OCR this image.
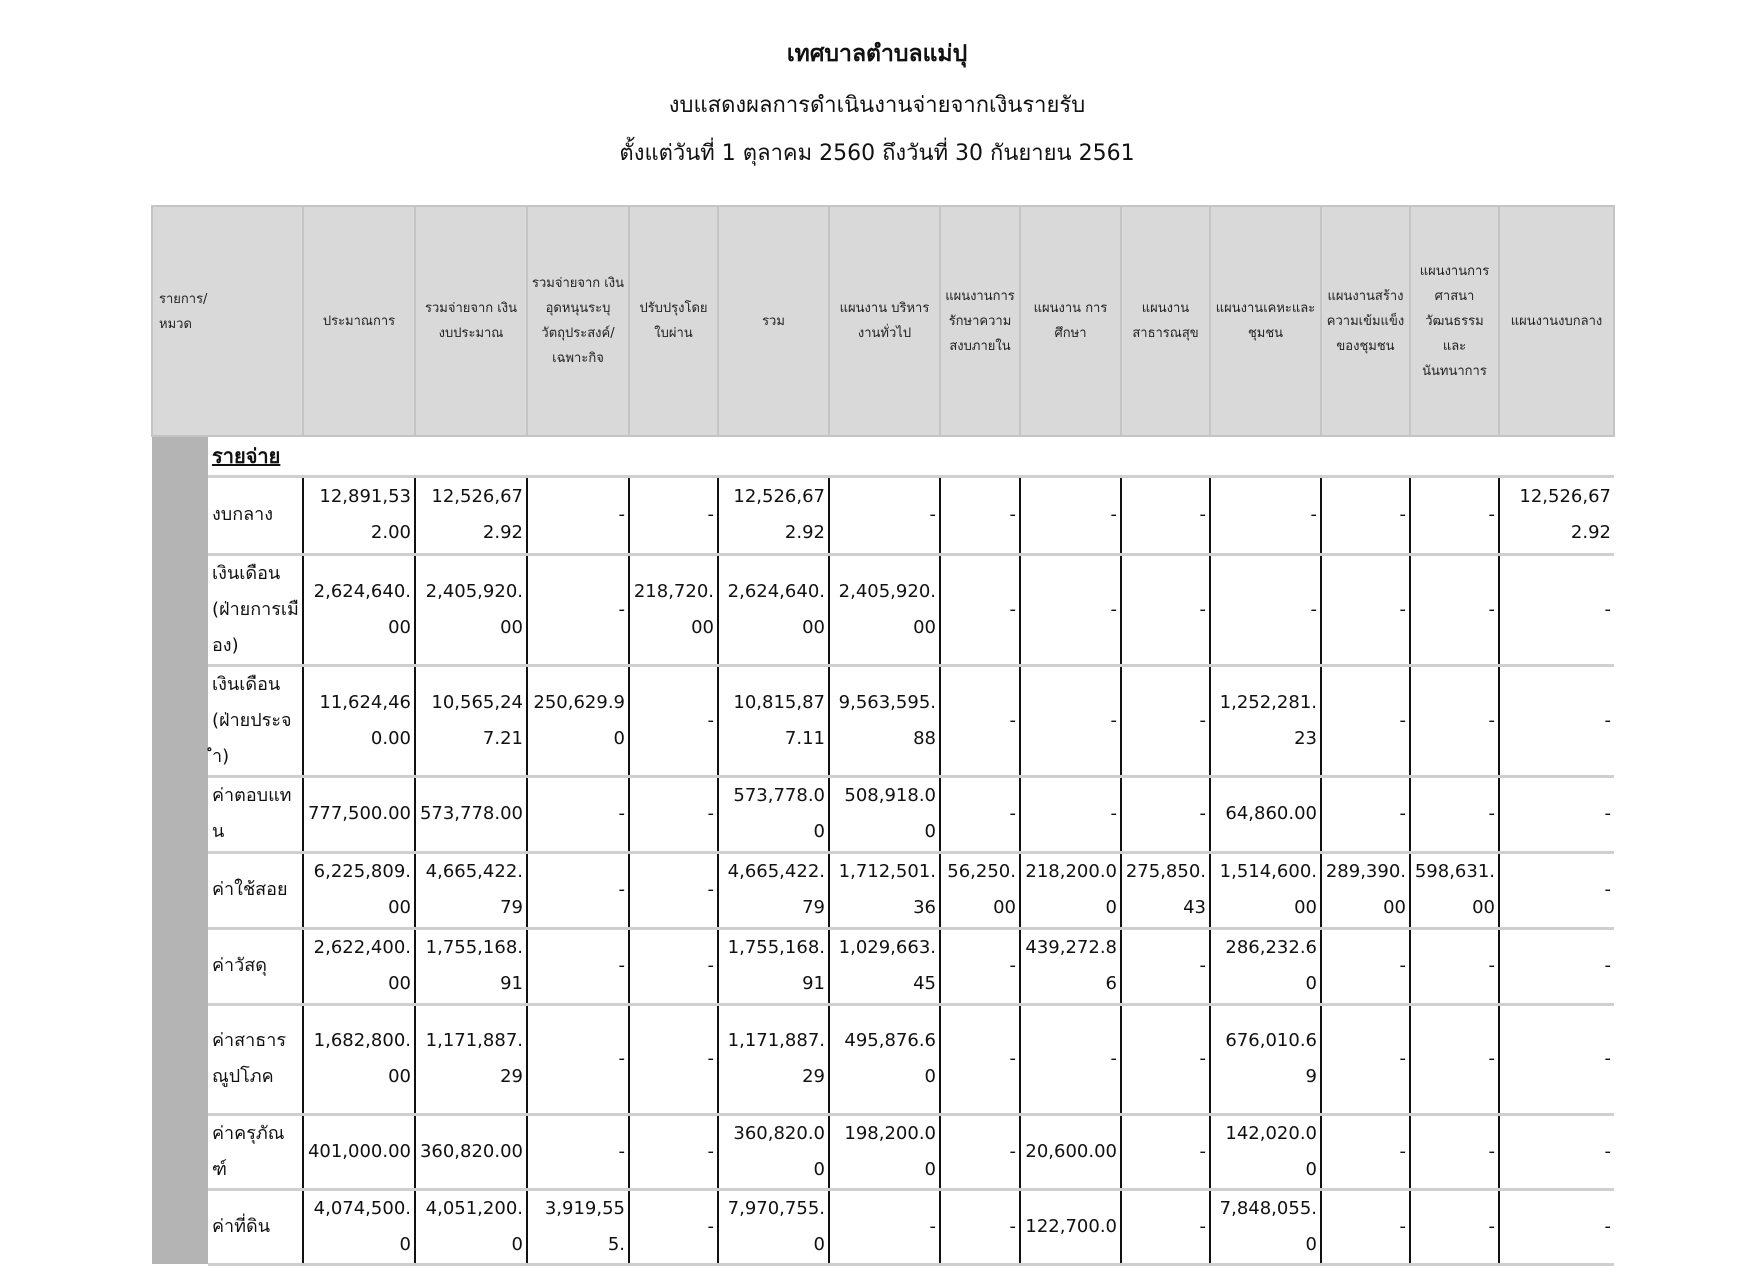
เทศบาลตำบลแม่ปุ
งบแสดงผลการดำเนินงานจ่ายจากเงินรายรับ
ตั้งแต่วันที่ 1 ตุลาคม 2560 ถึงวันที่ 30 กันยายน 2561
รายการ/หมวด		ประมาณการ	รวมจ่ายจาก เงินงบประมาณ	รวมจ่ายจาก เงินอุดหนุนระบุ วัตถุประสงค์/ เฉพาะกิจ	ปรับปรุงโดย ใบผ่าน	รวม	แผนงาน บริหารงานทั่วไป	แผนงานการ รักษาความ สงบภายใน	แผนงาน การศึกษา	แผนงาน สาธารณสุข	แผนงานเคหะและ ชุมชน	แผนงานสร้าง ความเข้มแข็ง ของชุมชน	แผนงานการ ศาสนา วัฒนธรรม และ นันทนาการ	แผนงานงบกลาง
	รายจ่าย													
	งบกลาง	12,891,532.00	12,526,672.92	-	-	12,526,672.92	-	-	-	-	-	-	-	12,526,672.92
	เงินเดือน (ฝ่ายการเมือง)	2,624,640.00	2,405,920.00	-	218,720.00	2,624,640.00	2,405,920.00	-	-	-	-	-	-	-
	เงินเดือน (ฝ่ายประจำ)	11,624,460.00	10,565,247.21	250,629.90	-	10,815,877.11	9,563,595.88	-	-	-	1,252,281.23	-	-	-
	ค่าตอบแทน	777,500.00	573,778.00	-	-	573,778.00	508,918.00	-	-	-	64,860.00	-	-	-
	ค่าใช้สอย	6,225,809.00	4,665,422.79	-	-	4,665,422.79	1,712,501.36	56,250.00	218,200.00	275,850.43	1,514,600.00	289,390.00	598,631.00	-
	ค่าวัสดุ	2,622,400.00	1,755,168.91	-	-	1,755,168.91	1,029,663.45	-	439,272.86	-	286,232.60	-	-	-
	ค่าสาธารณูปโภค	1,682,800.00	1,171,887.29	-	-	1,171,887.29	495,876.60	-	-	-	676,010.69	-	-	-
	ค่าครุภัณฑ์	401,000.00	360,820.00	-	-	360,820.00	198,200.00	-	20,600.00	-	142,020.00	-	-	-
	ค่าที่ดิน	4,074,500.0	4,051,200.0	3,919,555.	-	7,970,755.0	-	-	122,700.0	-	7,848,055.0	-	-	-
